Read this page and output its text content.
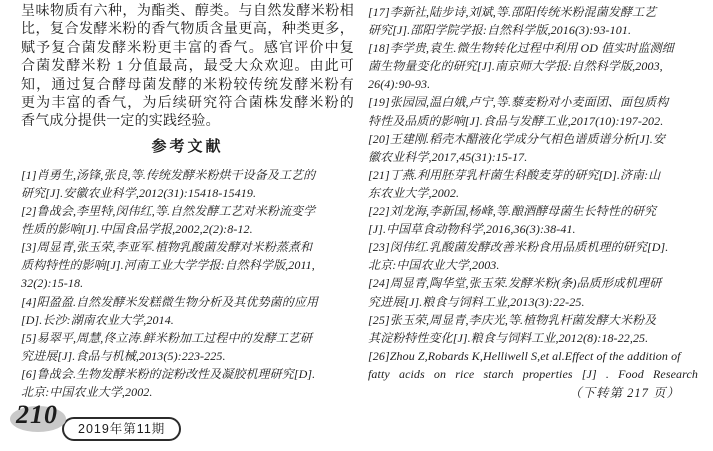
呈味物质有六种，为酯类、醇类。与自然发酵米粉相
比，复合发酵米粉的香气物质含量更高，种类更多，
赋予复合菌发酵米粉更丰富的香气。感官评价中复
合菌发酵米粉 1 分值最高，最受大众欢迎。由此可
知，通过复合酵母菌发酵的米粉较传统发酵米粉有
更为丰富的香气，为后续研究符合菌株发酵米粉的
香气成分提供一定的实践经验。
参考文献
[1]肖勇生,汤锋,张良,等.传统发酵米粉烘干设备及工艺的
研究[J].安徽农业科学,2012(31):15418-15419.
[2]鲁战会,李里特,闵伟红,等.自然发酵工艺对米粉流变学
性质的影响[J].中国食品学报,2002,2(2):8-12.
[3]周显青,张玉荣,李亚军.植物乳酸菌发酵对米粉蒸煮和
质构特性的影响[J].河南工业大学学报:自然科学版,2011,
32(2):15-18.
[4]阳盈盈.自然发酵米发糕微生物分析及其优势菌的应用
[D].长沙:湖南农业大学,2014.
[5]易翠平,周慧,佟立涛.鲜米粉加工过程中的发酵工艺研
究进展[J].食品与机械,2013(5):223-225.
[6]鲁战会.生物发酵米粉的淀粉改性及凝胶机理研究[D].
北京:中国农业大学,2002.
[17]李新社,陆步诗,刘斌,等.邵阳传统米粉混菌发酵工艺
研究[J].邵阳学院学报:自然科学版,2016(3):93-101.
[18]李学贵,袁生.微生物转化过程中利用 OD 值实时监测细
菌生物量变化的研究[J].南京师大学报:自然科学版,2003,
26(4):90-93.
[19]张园园,温白娥,卢宁,等.藜麦粉对小麦面团、面包质构
特性及品质的影响[J].食品与发酵工业,2017(10):197-202.
[20]王建刚.稻壳木醋液化学成分气相色谱质谱分析[J].安
徽农业科学,2017,45(31):15-17.
[21]丁燕.利用胚芽乳杆菌生科酸麦芽的研究[D].济南:山
东农业大学,2002.
[22]刘龙海,李新国,杨峰,等.酿酒酵母菌生长特性的研究
[J].中国草食动物科学,2016,36(3):38-41.
[23]闵伟红.乳酸菌发酵改善米粉食用品质机理的研究[D].
北京:中国农业大学,2003.
[24]周显青,陶华堂,张玉荣.发酵米粉(条)品质形成机理研
究进展[J].粮食与饲料工业,2013(3):22-25.
[25]张玉荣,周显青,李庆光,等.植物乳杆菌发酵大米粉及
其淀粉特性变化[J].粮食与饲料工业,2012(8):18-22,25.
[26]Zhou Z,Robards K,Helliwell S,et al.Effect of the addition of
fatty acids on rice starch properties [J] . Food Research
（下转第 217 页）
2019年第11期
210
